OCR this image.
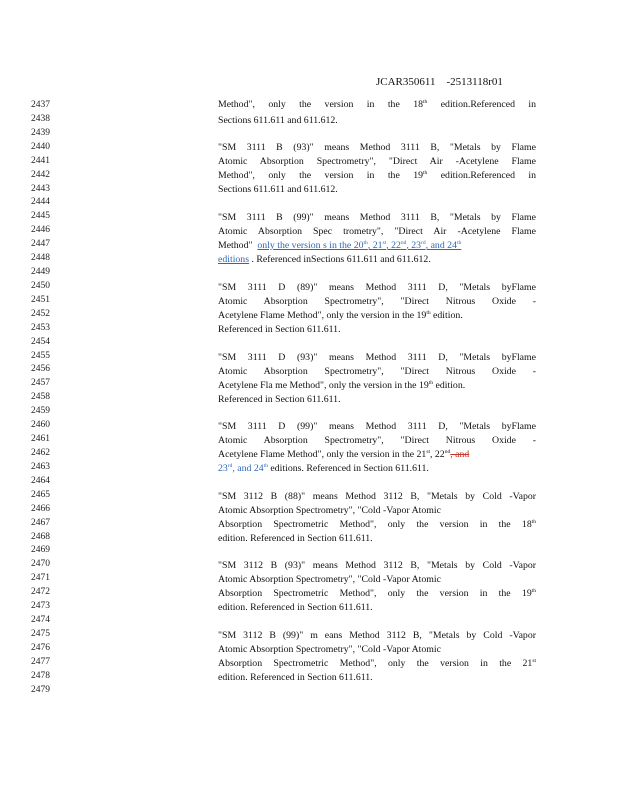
JCAR350611    -2513118r01
2437
2438
2439
2440
2441
2442
2443
2444
2445
2446
2447
2448
2449
2450
2451
2452
2453
2454
2455
2456
2457
2458
2459
2460
2461
2462
2463
2464
2465
2466
2467
2468
2469
2470
2471
2472
2473
2474
2475
2476
2477
2478
2479
Method", only the version in the 18th edition.Referenced in
Sections 611.611 and 611.612.
"SM 3111 B (93)" means Method 3111 B, "Metals by Flame
Atomic Absorption Spectrometry", "Direct Air -Acetylene Flame
Method", only the version in the 19th edition.Referenced in
Sections 611.611 and 611.612.
"SM 3111 B (99)" means Method 3111 B, "Metals by Flame
Atomic Absorption Spec trometry", "Direct Air -Acetylene Flame
Method" only the version s in the 20th, 21st, 22nd, 23rd, and 24th
editions . Referenced inSections 611.611 and 611.612.
"SM 3111 D (89)" means Method 3111 D, "Metals byFlame
Atomic Absorption Spectrometry", "Direct Nitrous Oxide -
Acetylene Flame Method", only the version in the 19th edition.
Referenced in Section 611.611.
"SM 3111 D (93)" means Method 3111 D, "Metals byFlame
Atomic Absorption Spectrometry", "Direct Nitrous Oxide -
Acetylene Fla me Method", only the version in the 19th edition.
Referenced in Section 611.611.
"SM 3111 D (99)" means Method 3111 D, "Metals byFlame
Atomic Absorption Spectrometry", "Direct Nitrous Oxide -
Acetylene Flame Method", only the version in the 21st, 22nd, and
23rd, and 24th editions. Referenced in Section 611.611.
"SM 3112 B (88)" means Method 3112 B, "Metals by Cold -Vapor
Atomic Absorption Spectrometry", "Cold -Vapor Atomic
Absorption Spectrometric Method", only the version in the 18th
edition. Referenced in Section 611.611.
"SM 3112 B (93)" means Method 3112 B, "Metals by Cold -Vapor
Atomic Absorption Spectrometry", "Cold -Vapor Atomic
Absorption Spectrometric Method", only the version in the 19th
edition. Referenced in Section 611.611.
"SM 3112 B (99)" m eans Method 3112 B, "Metals by Cold -Vapor
Atomic Absorption Spectrometry", "Cold -Vapor Atomic
Absorption Spectrometric Method", only the version in the 21st
edition. Referenced in Section 611.611.
